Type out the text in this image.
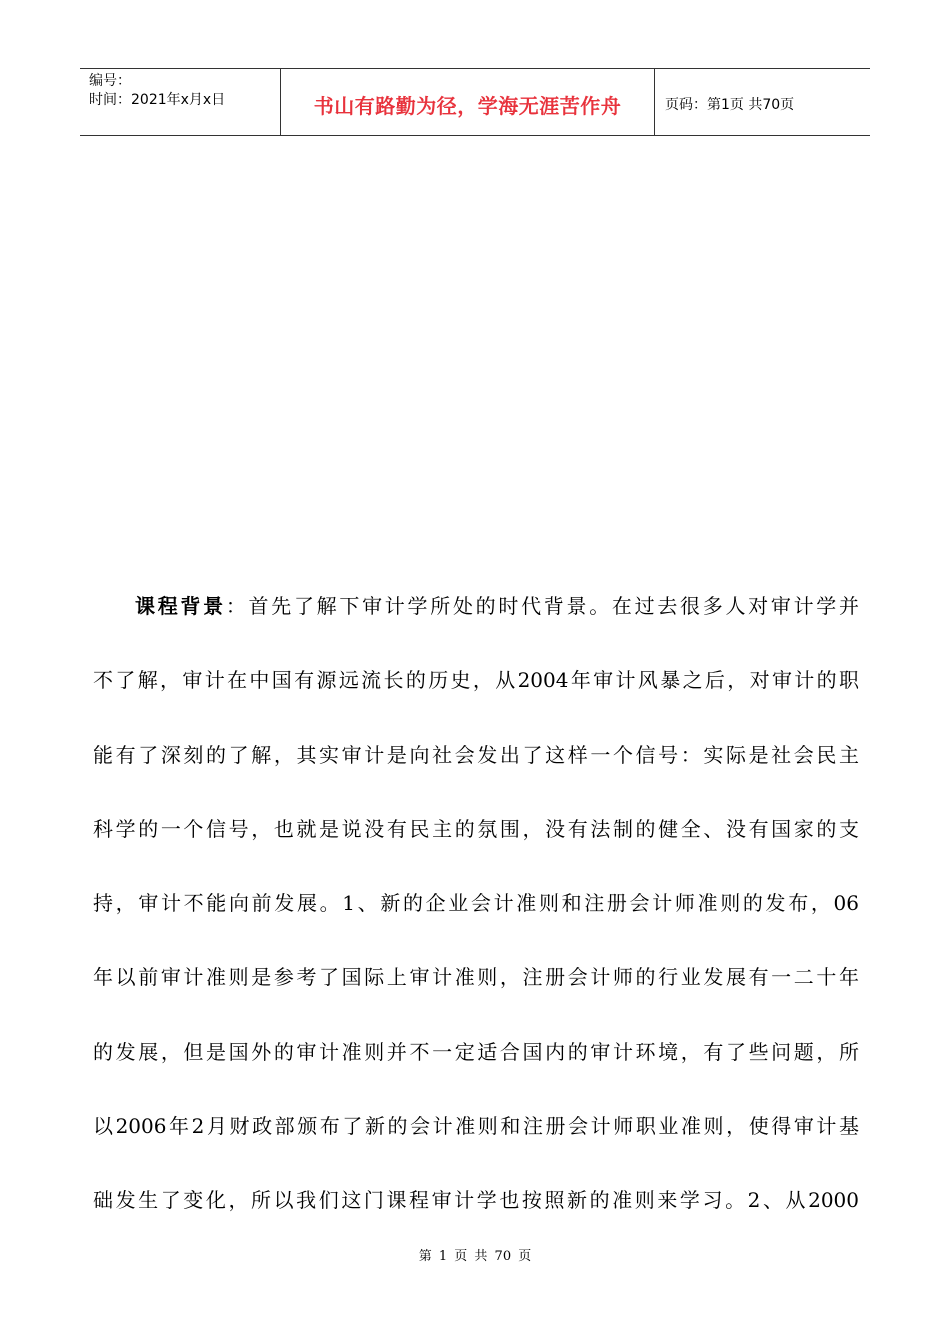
编号：
时间：2021年x月x日	书山有路勤为径，学海无涯苦作舟	页码：第1页 共70页
课程背景：首先了解下审计学所处的时代背景。在过去很多人对审计学并
不了解，审计在中国有源远流长的历史，从2004年审计风暴之后，对审计的职
能有了深刻的了解，其实审计是向社会发出了这样一个信号：实际是社会民主
科学的一个信号，也就是说没有民主的氛围，没有法制的健全、没有国家的支
持，审计不能向前发展。1、新的企业会计准则和注册会计师准则的发布，06
年以前审计准则是参考了国际上审计准则，注册会计师的行业发展有一二十年
的发展，但是国外的审计准则并不一定适合国内的审计环境，有了些问题，所
以2006年2月财政部颁布了新的会计准则和注册会计师职业准则，使得审计基
础发生了变化，所以我们这门课程审计学也按照新的准则来学习。2、从2000
第 1 页 共 70 页
